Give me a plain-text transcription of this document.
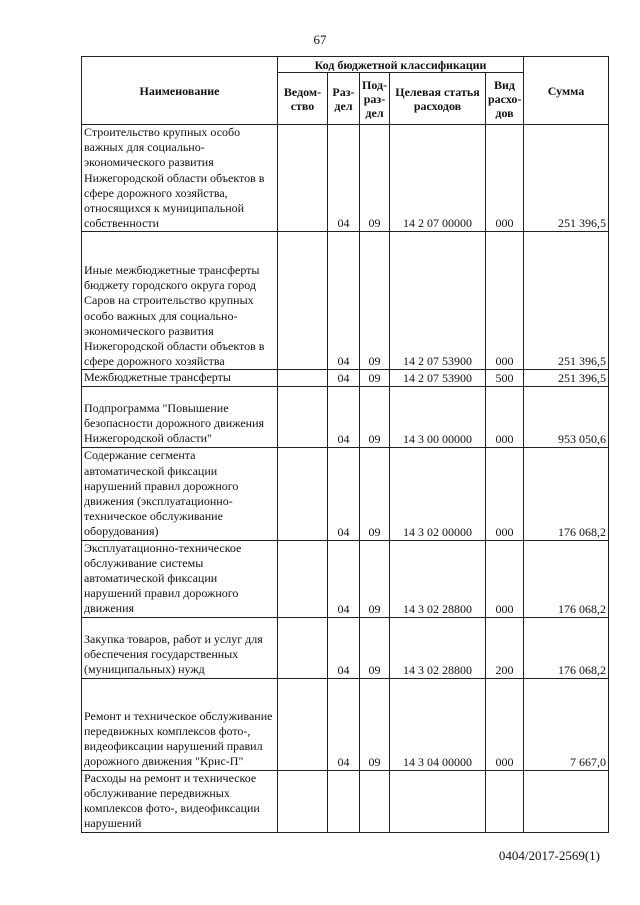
67
Наименование	Код бюджетной классификации					Сумма
	Ведом-ство	Раз-дел	Под-раз-дел	Целевая статья расходов	Вид расхо-дов	
Строительство крупных особо важных для социально-экономического развития Нижегородской области объектов в сфере дорожного хозяйства, относящихся к муниципальной собственности		04	09	14 2 07 00000	000	251 396,5
Иные межбюджетные трансферты бюджету городского округа город Саров на строительство крупных особо важных для социально-экономического развития Нижегородской области объектов в сфере дорожного хозяйства		04	09	14 2 07 53900	000	251 396,5
Межбюджетные трансферты		04	09	14 2 07 53900	500	251 396,5
Подпрограмма "Повышение безопасности дорожного движения Нижегородской области"		04	09	14 3 00 00000	000	953 050,6
Содержание сегмента автоматической фиксации нарушений правил дорожного движения (эксплуатационно-техническое обслуживание оборудования)		04	09	14 3 02 00000	000	176 068,2
Эксплуатационно-техническое обслуживание системы автоматической фиксации нарушений правил дорожного движения		04	09	14 3 02 28800	000	176 068,2
Закупка товаров, работ и услуг для обеспечения государственных (муниципальных) нужд		04	09	14 3 02 28800	200	176 068,2
Ремонт и техническое обслуживание передвижных комплексов фото-, видеофиксации нарушений правил дорожного движения "Крис-П"		04	09	14 3 04 00000	000	7 667,0
Расходы на ремонт и техническое обслуживание передвижных комплексов фото-, видеофиксации нарушений						
0404/2017-2569(1)
